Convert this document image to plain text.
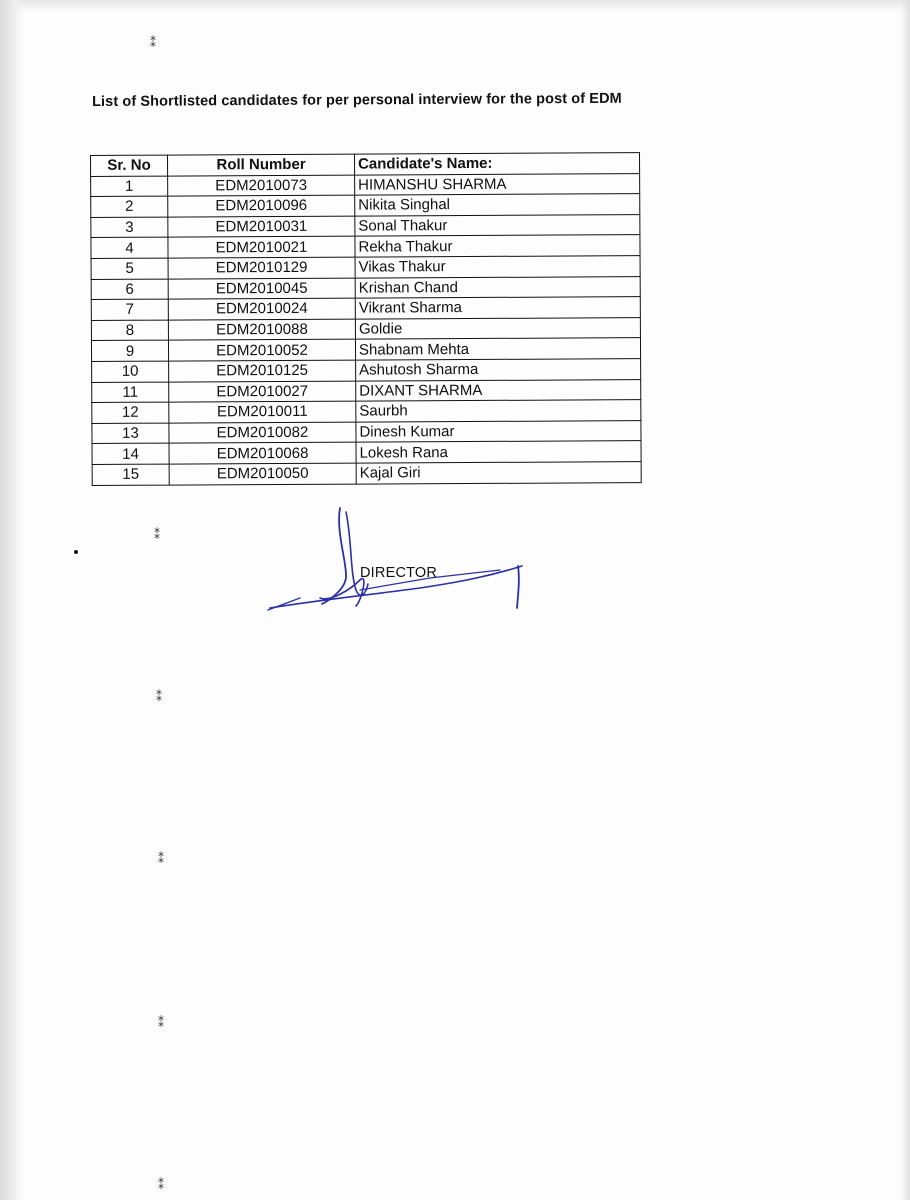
⁑
⁑
⁑
⁑
⁑
⁑
List of Shortlisted candidates for per personal interview for the post of EDM
Sr. No	Roll Number	Candidate's Name:
1	EDM2010073	HIMANSHU SHARMA
2	EDM2010096	Nikita Singhal
3	EDM2010031	Sonal Thakur
4	EDM2010021	Rekha Thakur
5	EDM2010129	Vikas Thakur
6	EDM2010045	Krishan Chand
7	EDM2010024	Vikrant Sharma
8	EDM2010088	Goldie
9	EDM2010052	Shabnam Mehta
10	EDM2010125	Ashutosh Sharma
11	EDM2010027	DIXANT SHARMA
12	EDM2010011	Saurbh
13	EDM2010082	Dinesh Kumar
14	EDM2010068	Lokesh Rana
15	EDM2010050	Kajal Giri
DIRECTOR
